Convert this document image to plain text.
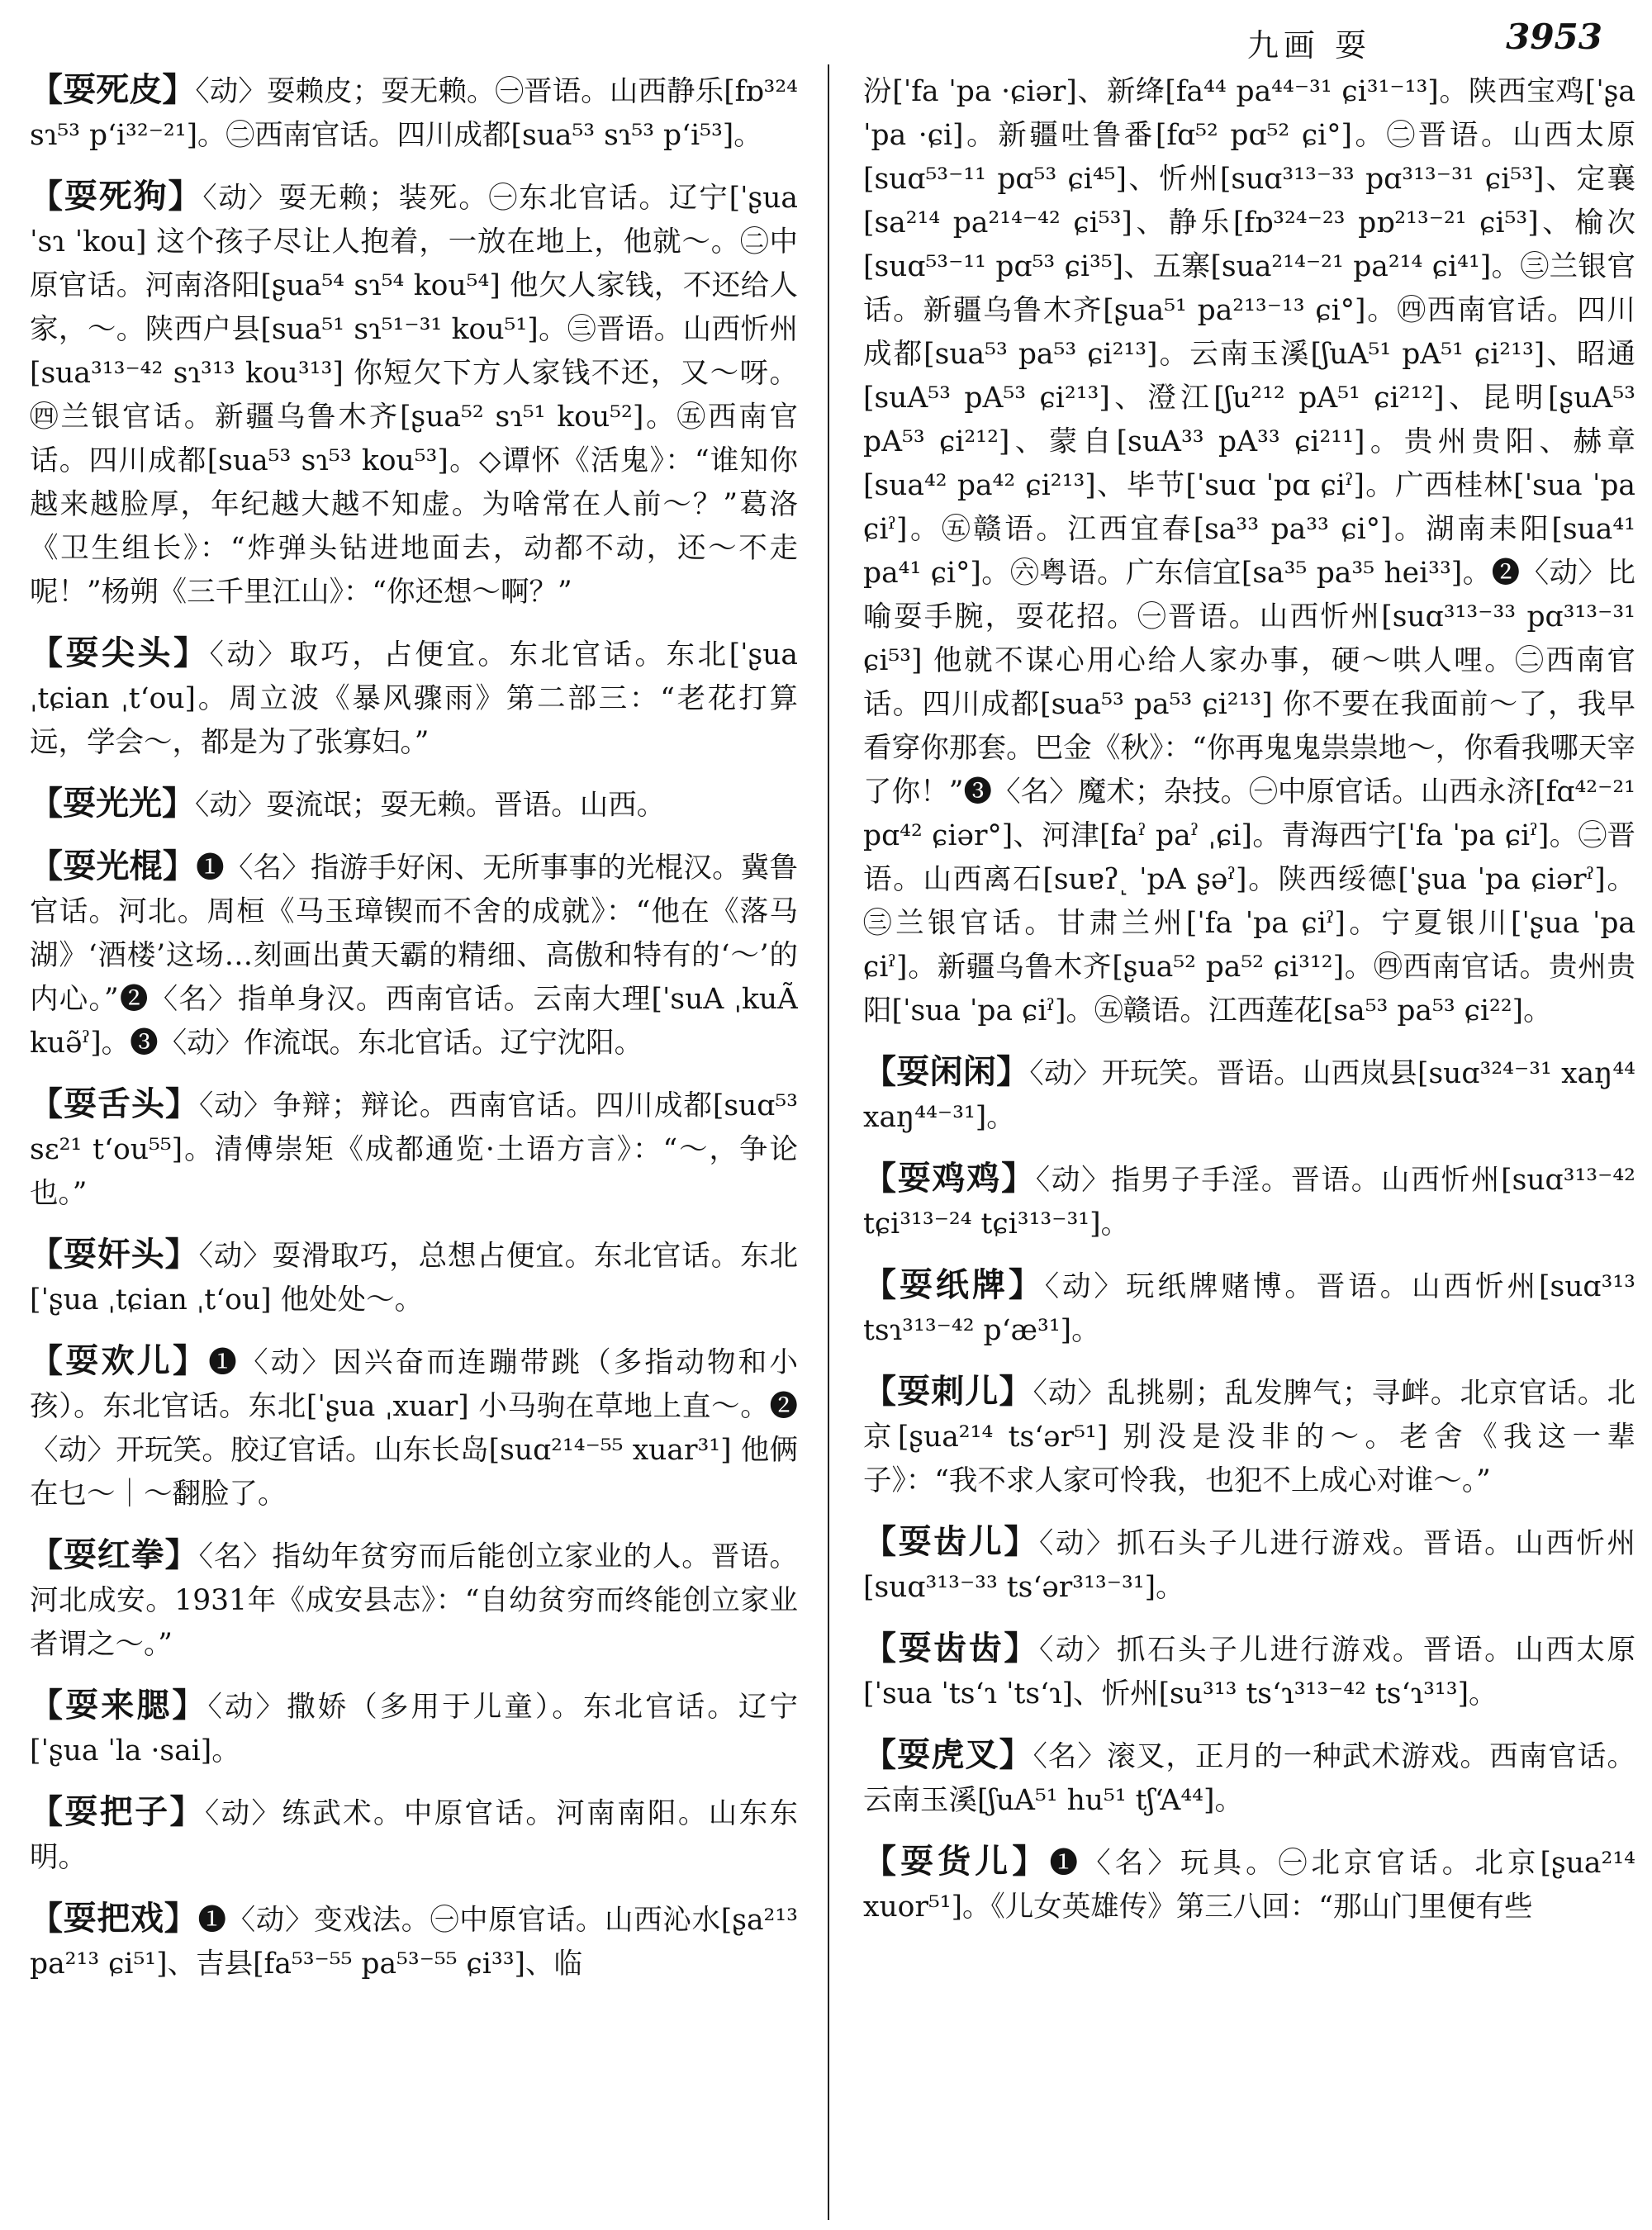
九画 耍	3953

【耍死皮】〈动〉耍赖皮；耍无赖。㊀晋语。山西静乐[fɒ³²⁴ sɿ⁵³ pʻi³²⁻²¹]。㊁西南官话。四川成都[sua⁵³ sɿ⁵³ pʻi⁵³]。

【耍死狗】〈动〉耍无赖；装死。㊀东北官话。辽宁[ˈʂua ˈsɿ ˈkou] 这个孩子尽让人抱着，一放在地上，他就～。㊁中原官话。河南洛阳[ʂua⁵⁴ sɿ⁵⁴ kou⁵⁴] 他欠人家钱，不还给人家，～。陕西户县[sua⁵¹ sɿ⁵¹⁻³¹ kou⁵¹]。㊂晋语。山西忻州[sua³¹³⁻⁴² sɿ³¹³ kou³¹³] 你短欠下方人家钱不还，又～呀。㊃兰银官话。新疆乌鲁木齐[ʂua⁵² sɿ⁵¹ kou⁵²]。㊄西南官话。四川成都[sua⁵³ sɿ⁵³ kou⁵³]。◇谭怀《活鬼》：“谁知你越来越脸厚，年纪越大越不知虚。为啥常在人前～？”葛洛《卫生组长》：“炸弹头钻进地面去，动都不动，还～不走呢！”杨朔《三千里江山》：“你还想～啊？”

【耍尖头】〈动〉取巧，占便宜。东北官话。东北[ˈʂua ˌtɕian ˌtʻou]。周立波《暴风骤雨》第二部三：“老花打算远，学会～，都是为了张寡妇。”

【耍光光】〈动〉耍流氓；耍无赖。晋语。山西。

【耍光棍】❶〈名〉指游手好闲、无所事事的光棍汉。冀鲁官话。河北。周桓《马玉璋锲而不舍的成就》：“他在《落马湖》‘酒楼’这场…刻画出黄天霸的精细、高傲和特有的‘～’的内心。”❷〈名〉指单身汉。西南官话。云南大理[ˈsuA ˌkuÃ kuə̃ˀ]。❸〈动〉作流氓。东北官话。辽宁沈阳。

【耍舌头】〈动〉争辩；辩论。西南官话。四川成都[suɑ⁵³ sɛ²¹ tʻou⁵⁵]。清傅崇矩《成都通览·土语方言》：“～，争论也。”

【耍奸头】〈动〉耍滑取巧，总想占便宜。东北官话。东北[ˈʂua ˌtɕian ˌtʻou] 他处处～。

【耍欢儿】❶〈动〉因兴奋而连蹦带跳（多指动物和小孩）。东北官话。东北[ˈʂua ˌxuar] 小马驹在草地上直～。❷〈动〉开玩笑。胶辽官话。山东长岛[suɑ²¹⁴⁻⁵⁵ xuar³¹] 他俩在乜～｜～翻脸了。

【耍红拳】〈名〉指幼年贫穷而后能创立家业的人。晋语。河北成安。1931年《成安县志》：“自幼贫穷而终能创立家业者谓之～。”

【耍来腮】〈动〉撒娇（多用于儿童）。东北官话。辽宁[ˈʂua ˈla ·sai]。

【耍把子】〈动〉练武术。中原官话。河南南阳。山东东明。

【耍把戏】❶〈动〉变戏法。㊀中原官话。山西沁水[ʂa²¹³ pa²¹³ ɕi⁵¹]、吉县[fa⁵³⁻⁵⁵ pa⁵³⁻⁵⁵ ɕi³³]、临

汾[ˈfa ˈpa ·ɕiər]、新绛[fa⁴⁴ pa⁴⁴⁻³¹ ɕi³¹⁻¹³]。陕西宝鸡[ˈʂa ˈpa ·ɕi]。新疆吐鲁番[fɑ⁵² pɑ⁵² ɕi°]。㊁晋语。山西太原[suɑ⁵³⁻¹¹ pɑ⁵³ ɕi⁴⁵]、忻州[suɑ³¹³⁻³³ pɑ³¹³⁻³¹ ɕi⁵³]、定襄[sa²¹⁴ pa²¹⁴⁻⁴² ɕi⁵³]、静乐[fɒ³²⁴⁻²³ pɒ²¹³⁻²¹ ɕi⁵³]、榆次[suɑ⁵³⁻¹¹ pɑ⁵³ ɕi³⁵]、五寨[sua²¹⁴⁻²¹ pa²¹⁴ ɕi⁴¹]。㊂兰银官话。新疆乌鲁木齐[ʂua⁵¹ pa²¹³⁻¹³ ɕi°]。㊃西南官话。四川成都[sua⁵³ pa⁵³ ɕi²¹³]。云南玉溪[ʃuA⁵¹ pA⁵¹ ɕi²¹³]、昭通[suA⁵³ pA⁵³ ɕi²¹³]、澄江[ʃu²¹² pA⁵¹ ɕi²¹²]、昆明[ʂuA⁵³ pA⁵³ ɕi²¹²]、蒙自[suA³³ pA³³ ɕi²¹¹]。贵州贵阳、赫章[sua⁴² pa⁴² ɕi²¹³]、毕节[ˈsuɑ ˈpɑ ɕiˀ]。广西桂林[ˈsua ˈpa ɕiˀ]。㊄赣语。江西宜春[sa³³ pa³³ ɕi°]。湖南耒阳[sua⁴¹ pa⁴¹ ɕi°]。㊅粤语。广东信宜[sa³⁵ pa³⁵ hei³³]。❷〈动〉比喻耍手腕，耍花招。㊀晋语。山西忻州[suɑ³¹³⁻³³ pɑ³¹³⁻³¹ ɕi⁵³] 他就不谋心用心给人家办事，硬～哄人哩。㊁西南官话。四川成都[sua⁵³ pa⁵³ ɕi²¹³] 你不要在我面前～了，我早看穿你那套。巴金《秋》：“你再鬼鬼祟祟地～，你看我哪天宰了你！”❸〈名〉魔术；杂技。㊀中原官话。山西永济[fɑ⁴²⁻²¹ pɑ⁴² ɕiər°]、河津[faˀ paˀ ˌɕi]。青海西宁[ˈfa ˈpa ɕiˀ]。㊁晋语。山西离石[suɐʔ˻ ˈpA ʂəˀ]。陕西绥德[ˈʂua ˈpa ɕiərˀ]。㊂兰银官话。甘肃兰州[ˈfa ˈpa ɕiˀ]。宁夏银川[ˈʂua ˈpa ɕiˀ]。新疆乌鲁木齐[ʂua⁵² pa⁵² ɕi³¹²]。㊃西南官话。贵州贵阳[ˈsua ˈpa ɕiˀ]。㊄赣语。江西莲花[sa⁵³ pa⁵³ ɕi²²]。

【耍闲闲】〈动〉开玩笑。晋语。山西岚县[suɑ³²⁴⁻³¹ xaŋ⁴⁴ xaŋ⁴⁴⁻³¹]。

【耍鸡鸡】〈动〉指男子手淫。晋语。山西忻州[suɑ³¹³⁻⁴² tɕi³¹³⁻²⁴ tɕi³¹³⁻³¹]。

【耍纸牌】〈动〉玩纸牌赌博。晋语。山西忻州[suɑ³¹³ tsɿ³¹³⁻⁴² pʻæ³¹]。

【耍刺儿】〈动〉乱挑剔；乱发脾气；寻衅。北京官话。北京[ʂua²¹⁴ tsʻər⁵¹] 别没是没非的～。老舍《我这一辈子》：“我不求人家可怜我，也犯不上成心对谁～。”

【耍齿儿】〈动〉抓石头子儿进行游戏。晋语。山西忻州[suɑ³¹³⁻³³ tsʻər³¹³⁻³¹]。

【耍齿齿】〈动〉抓石头子儿进行游戏。晋语。山西太原[ˈsua ˈtsʻɿ ˈtsʻɿ]、忻州[su³¹³ tsʻɿ³¹³⁻⁴² tsʻɿ³¹³]。

【耍虎叉】〈名〉滚叉，正月的一种武术游戏。西南官话。云南玉溪[ʃuA⁵¹ hu⁵¹ tʃʻA⁴⁴]。

【耍货儿】❶〈名〉玩具。㊀北京官话。北京[ʂua²¹⁴ xuor⁵¹]。《儿女英雄传》第三八回：“那山门里便有些
